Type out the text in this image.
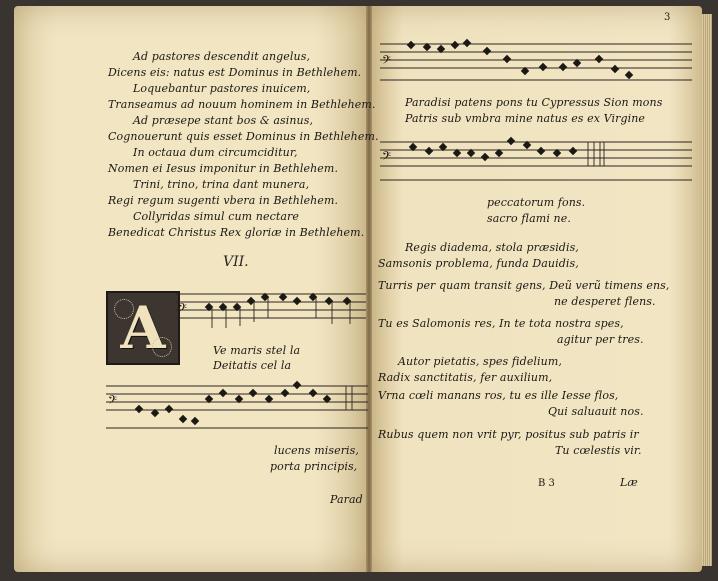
Ad pastores descendit angelus,
Dicens eis: natus est Dominus in Bethlehem.
Loquebantur pastores inuicem,
Transeamus ad nouum hominem in Bethlehem.
Ad præsepe stant bos & asinus,
Cognouerunt quis esset Dominus in Bethlehem.
In octaua dum circumciditur,
Nomen ei Iesus imponitur in Bethlehem.
Trini, trino, trina dant munera,
Regi regum sugenti vbera in Bethlehem.
Collyridas simul cum nectare
Benedicat Christus Rex gloriæ in Bethlehem.
VII.
A 𝄢
Ve maris stel la
Deitatis cel la
𝄢
lucens miseris,
porta principis,
Parad
3
𝄢
Paradisi patens pons tu Cypressus Sion mons
Patris sub vmbra mine natus es ex Virgine
𝄢
peccatorum fons.
sacro flami ne.
Regis diadema, stola præsidis,
Samsonis problema, funda Dauidis,
Turris per quam transit gens, Deũ verũ timens ens,
ne desperet flens.
Tu es Salomonis res, In te tota nostra spes,
agitur per tres.
Autor pietatis, spes fidelium,
Radix sanctitatis, fer auxilium,
Vrna cœli manans ros, tu es ille Iesse flos,
Qui saluauit nos.
Rubus quem non vrit pyr, positus sub patris ir
Tu cœlestis vir.
B 3	Læ
